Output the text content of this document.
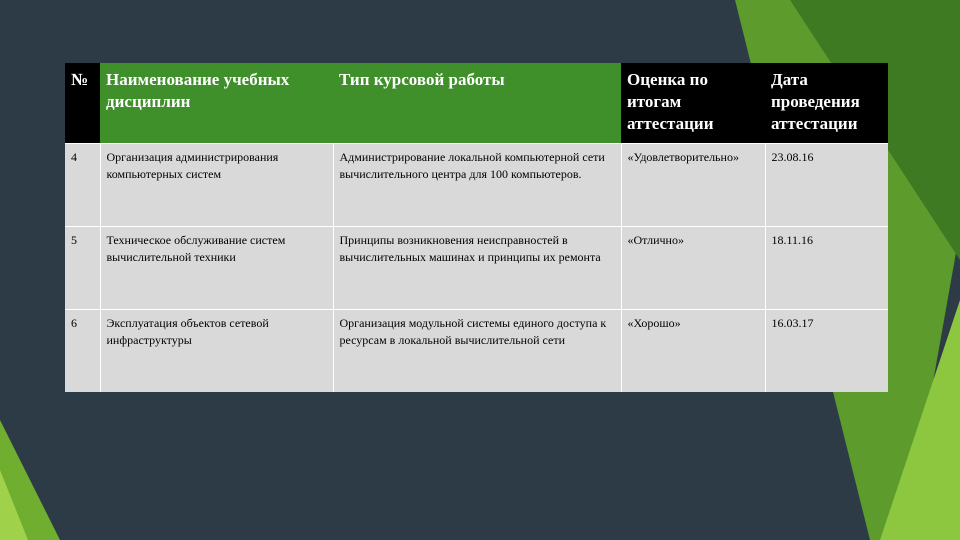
№	Наименование учебных дисциплин	Тип курсовой работы	Оценка по итогам аттестации	Дата проведения аттестации
4	Организация администрирования компьютерных систем	Администрирование локальной компьютерной сети вычислительного центра для 100 компьютеров.	«Удовлетворительно»	23.08.16
5	Техническое обслуживание систем вычислительной техники	Принципы возникновения неисправностей в вычислительных машинах и принципы их ремонта	«Отлично»	18.11.16
6	Эксплуатация объектов сетевой инфраструктуры	Организация модульной системы единого доступа к ресурсам в локальной вычислительной сети	«Хорошо»	16.03.17
